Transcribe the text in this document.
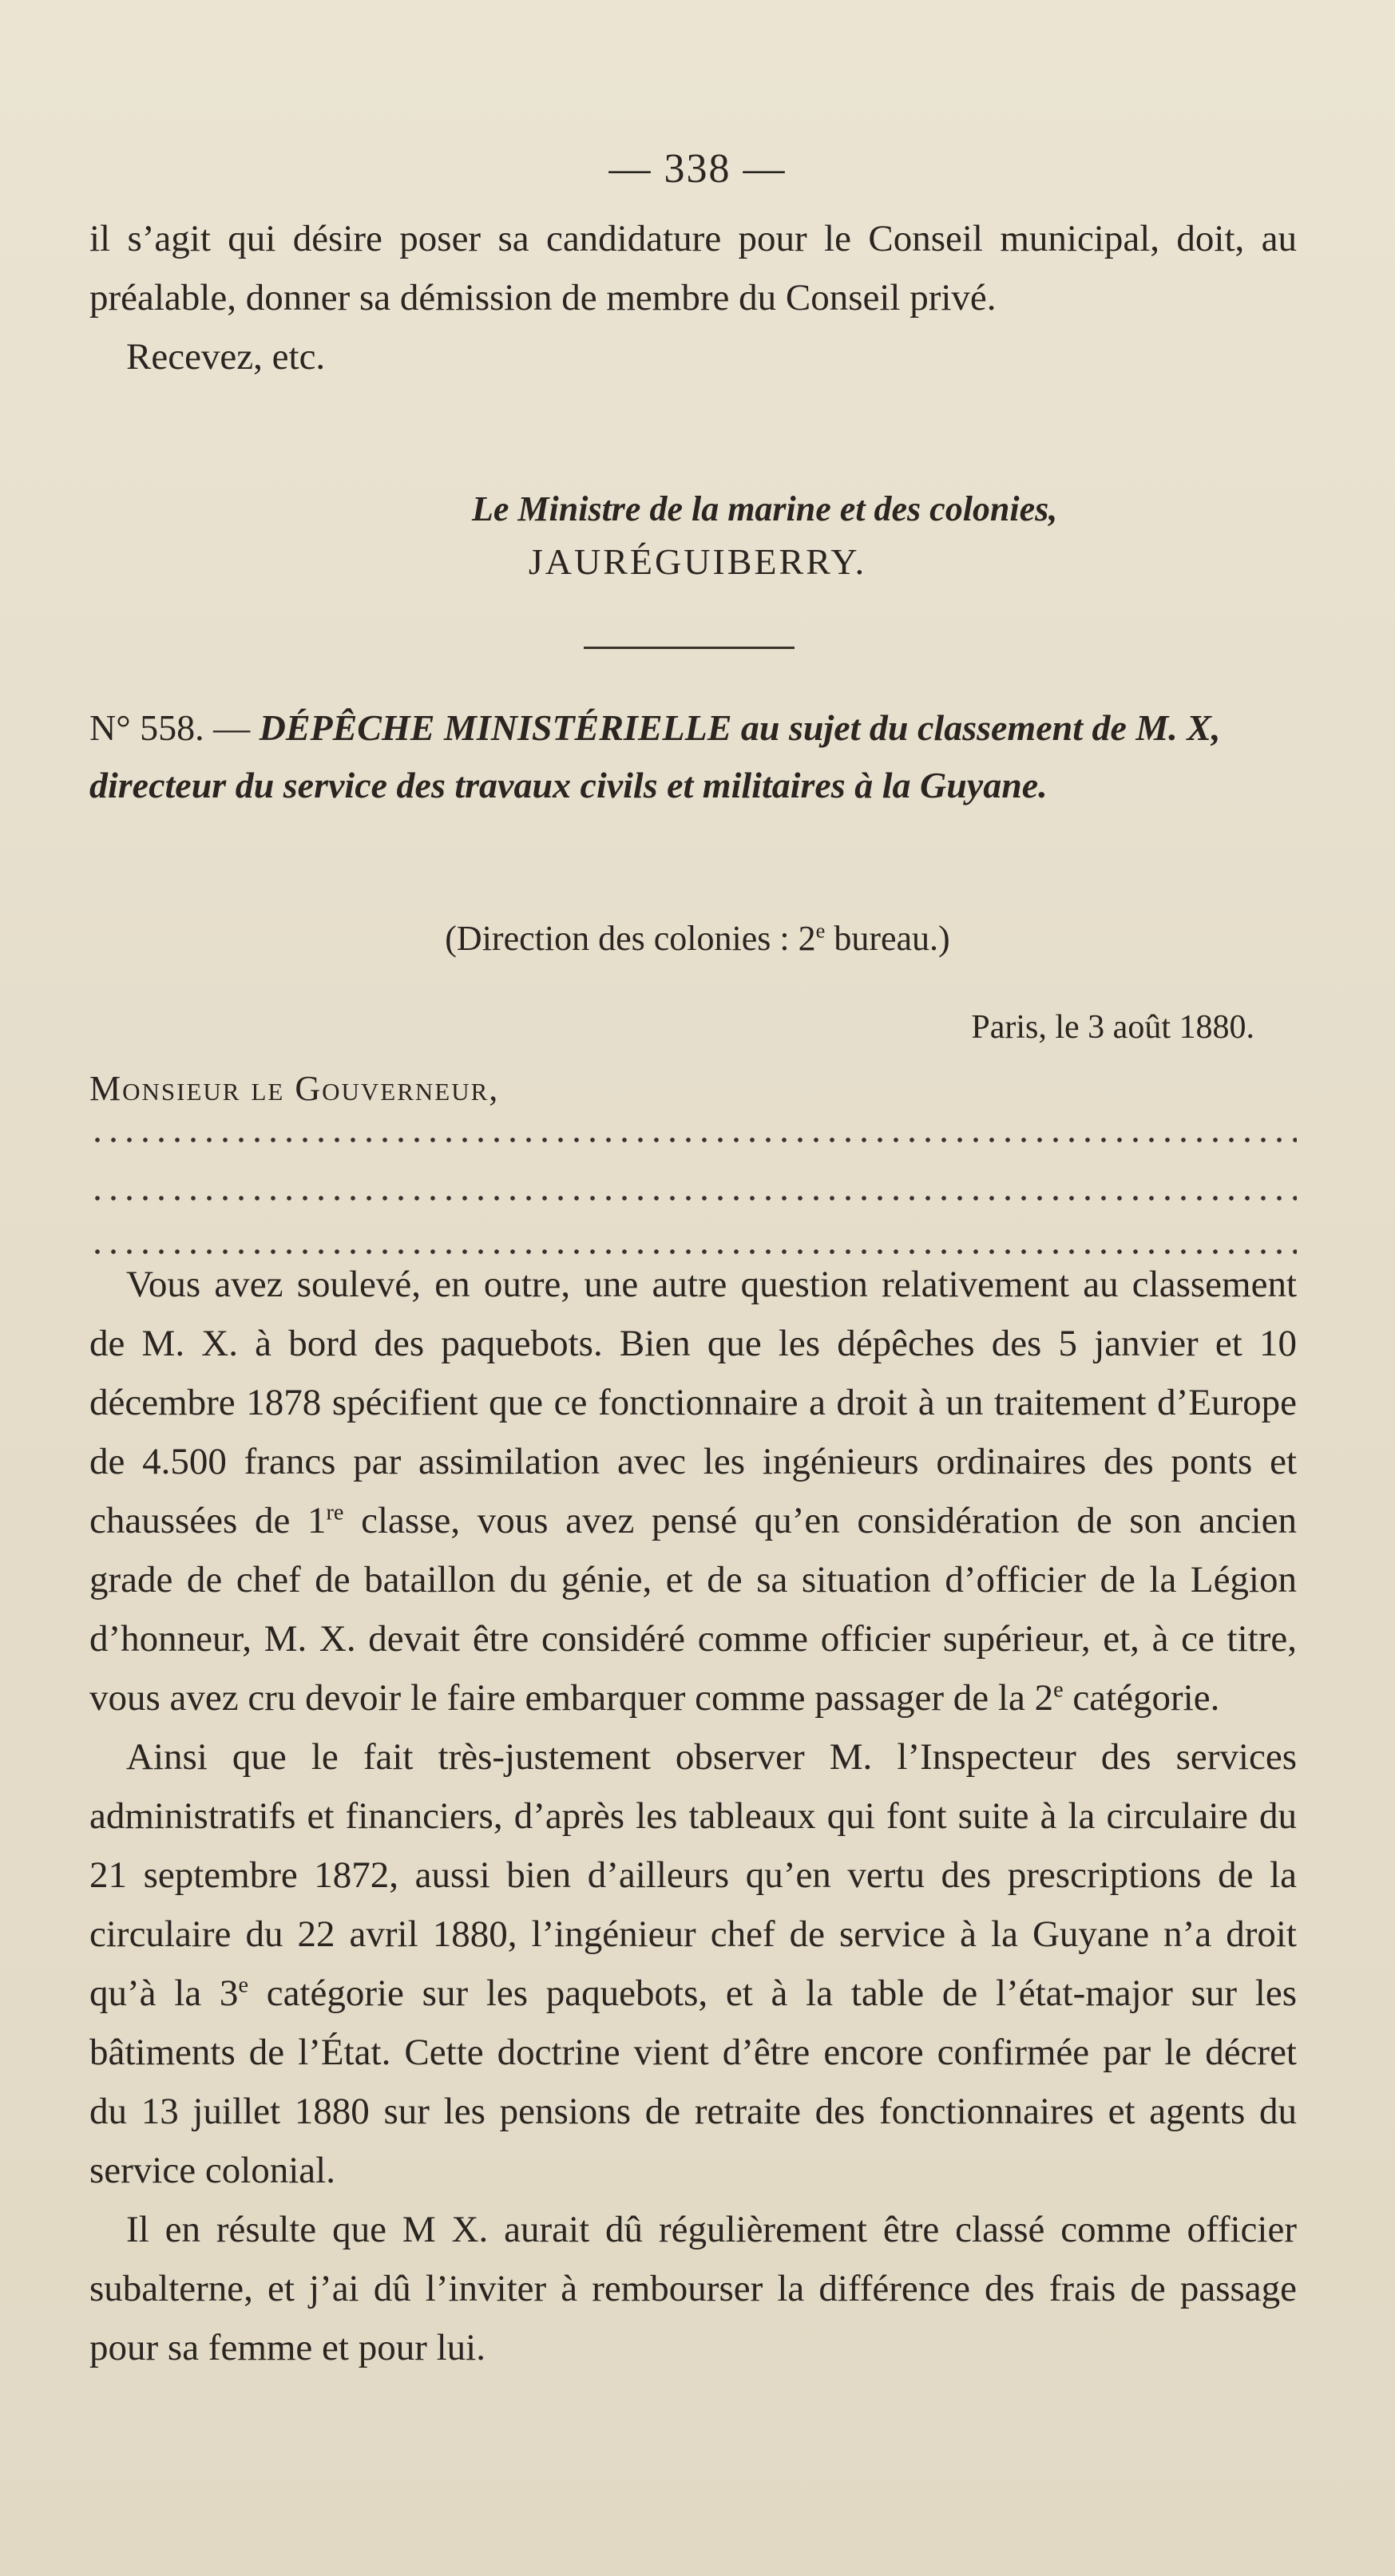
— 338 —

il s’agit qui désire poser sa candidature pour le Conseil municipal, doit, au préalable, donner sa démission de membre du Conseil privé.

Recevez, etc.

Le Ministre de la marine et des colonies,
JAURÉGUIBERRY.
N° 558. — DÉPÊCHE MINISTÉRIELLE au sujet du classement de M. X, directeur du service des travaux civils et militaires à la Guyane.
(Direction des colonies : 2e bureau.)
Paris, le 3 août 1880.
Monsieur le Gouverneur,

Vous avez soulevé, en outre, une autre question relativement au classement de M. X. à bord des paquebots. Bien que les dépêches des 5 janvier et 10 décembre 1878 spécifient que ce fonctionnaire a droit à un traitement d’Europe de 4.500 francs par assimilation avec les ingénieurs ordinaires des ponts et chaussées de 1re classe, vous avez pensé qu’en considération de son ancien grade de chef de bataillon du génie, et de sa situation d’officier de la Légion d’honneur, M. X. devait être considéré comme officier supérieur, et, à ce titre, vous avez cru devoir le faire embarquer comme passager de la 2e catégorie.

Ainsi que le fait très-justement observer M. l’Inspecteur des services administratifs et financiers, d’après les tableaux qui font suite à la circulaire du 21 septembre 1872, aussi bien d’ailleurs qu’en vertu des prescriptions de la circulaire du 22 avril 1880, l’ingénieur chef de service à la Guyane n’a droit qu’à la 3e catégorie sur les paquebots, et à la table de l’état-major sur les bâtiments de l’État. Cette doctrine vient d’être encore confirmée par le décret du 13 juillet 1880 sur les pensions de retraite des fonctionnaires et agents du service colonial.

Il en résulte que M X. aurait dû régulièrement être classé comme officier subalterne, et j’ai dû l’inviter à rembourser la différence des frais de passage pour sa femme et pour lui.
